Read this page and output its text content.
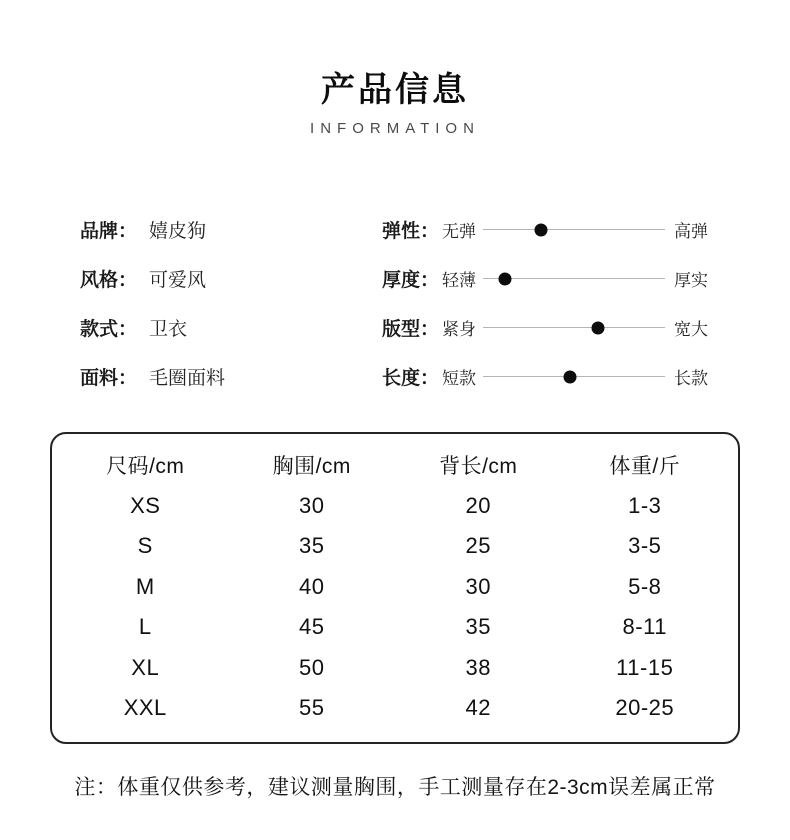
产品信息
INFORMATION
品牌： 嬉皮狗
风格： 可爱风
款式： 卫衣
面料： 毛圈面料
弹性： 无弹	高弹
厚度： 轻薄	厚实
版型： 紧身	宽大
长度： 短款	长款
尺码/cm	胸围/cm	背长/cm	体重/斤
XS	30	20	1-3
S	35	25	3-5
M	40	30	5-8
L	45	35	8-11
XL	50	38	11-15
XXL	55	42	20-25
注：体重仅供参考，建议测量胸围，手工测量存在2-3cm误差属正常
